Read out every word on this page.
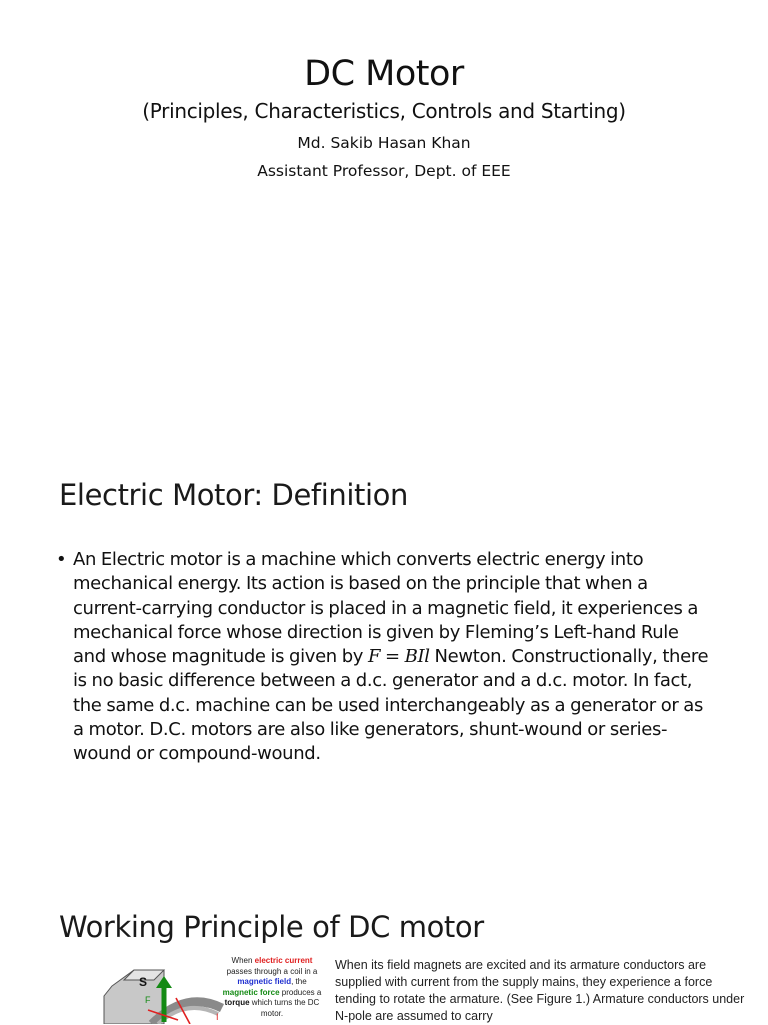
DC Motor
(Principles, Characteristics, Controls and Starting)
Md. Sakib Hasan Khan
Assistant Professor, Dept. of EEE
Electric Motor: Definition
• An Electric motor is a machine which converts electric energy into mechanical energy. Its action is based on the principle that when a current-carrying conductor is placed in a magnetic field, it experiences a mechanical force whose direction is given by Fleming’s Left-hand Rule and whose magnitude is given by F = BIl Newton. Constructionally, there is no basic difference between a d.c. generator and a d.c. motor. In fact, the same d.c. machine can be used interchangeably as a generator or as a motor. D.C. motors are also like generators, shunt-wound or series-wound or compound-wound.

Working Principle of DC motor
S
F
I
When electric current passes through a coil in a magnetic field, the magnetic force produces a torque which turns the DC motor.
When its field magnets are excited and its armature conductors are supplied with current from the supply mains, they experience a force tending to rotate the armature. (See Figure 1.) Armature conductors under N-pole are assumed to carry
